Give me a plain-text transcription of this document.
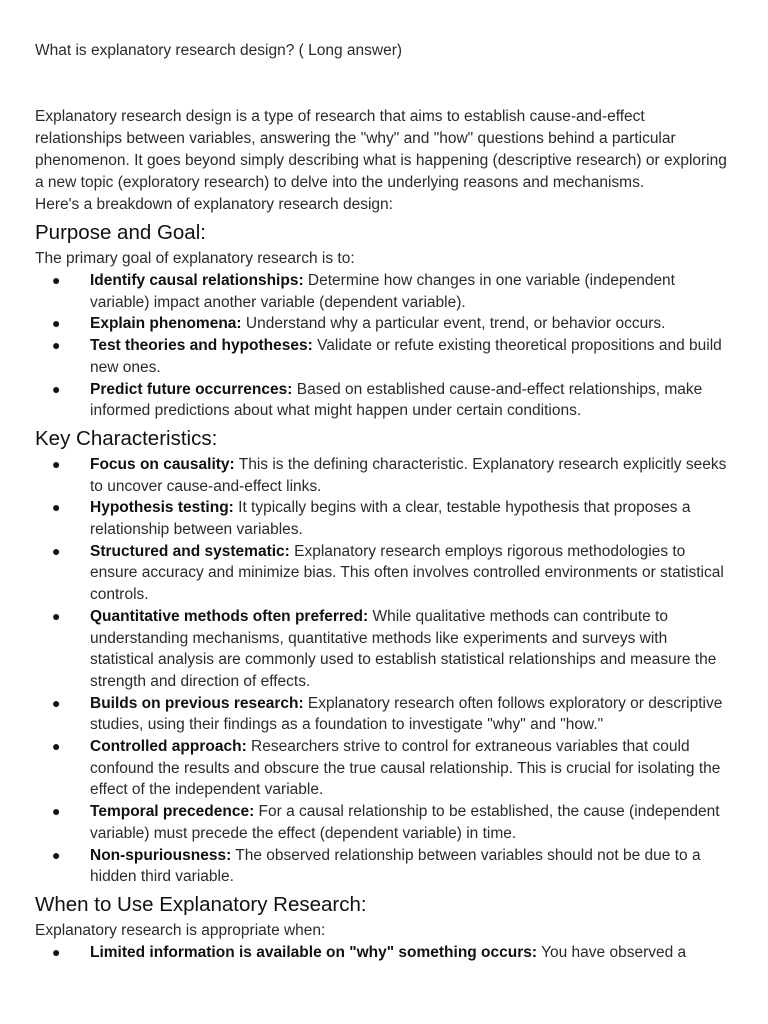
What is explanatory research design? ( Long answer)

Explanatory research design is a type of research that aims to establish cause-and-effect relationships between variables, answering the "why" and "how" questions behind a particular phenomenon. It goes beyond simply describing what is happening (descriptive research) or exploring a new topic (exploratory research) to delve into the underlying reasons and mechanisms.

Here's a breakdown of explanatory research design:

Purpose and Goal:

The primary goal of explanatory research is to:

● Identify causal relationships: Determine how changes in one variable (independent variable) impact another variable (dependent variable).
● Explain phenomena: Understand why a particular event, trend, or behavior occurs.
● Test theories and hypotheses: Validate or refute existing theoretical propositions and build new ones.
● Predict future occurrences: Based on established cause-and-effect relationships, make informed predictions about what might happen under certain conditions.
Key Characteristics:
● Focus on causality: This is the defining characteristic. Explanatory research explicitly seeks to uncover cause-and-effect links.
● Hypothesis testing: It typically begins with a clear, testable hypothesis that proposes a relationship between variables.
● Structured and systematic: Explanatory research employs rigorous methodologies to ensure accuracy and minimize bias. This often involves controlled environments or statistical controls.
● Quantitative methods often preferred: While qualitative methods can contribute to understanding mechanisms, quantitative methods like experiments and surveys with statistical analysis are commonly used to establish statistical relationships and measure the strength and direction of effects.
● Builds on previous research: Explanatory research often follows exploratory or descriptive studies, using their findings as a foundation to investigate "why" and "how."
● Controlled approach: Researchers strive to control for extraneous variables that could confound the results and obscure the true causal relationship. This is crucial for isolating the effect of the independent variable.
● Temporal precedence: For a causal relationship to be established, the cause (independent variable) must precede the effect (dependent variable) in time.
● Non-spuriousness: The observed relationship between variables should not be due to a hidden third variable.
When to Use Explanatory Research:

Explanatory research is appropriate when:

● Limited information is available on "why" something occurs: You have observed a
